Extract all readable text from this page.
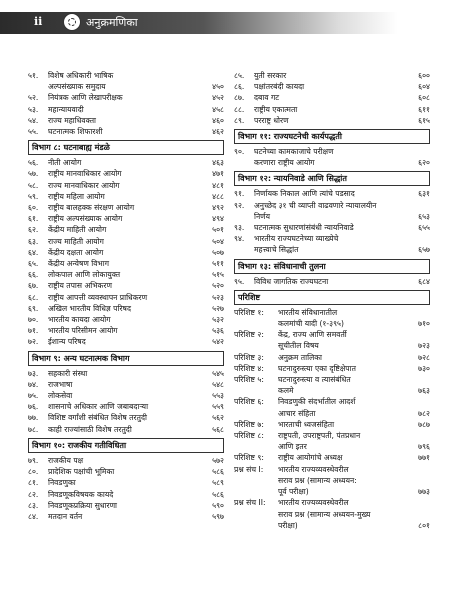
ii	अनुक्रमणिका
५१.	विशेष अधिकारी भाषिक
अल्पसंख्याक समुदाय	४५०
५२.	नियंत्रक आणि लेखापरीक्षक	४५२
५३.	महान्यायवादी	४५८
५४.	राज्य महाधिवक्ता	४६०
५५.	घटनात्मक शिफारशी	४६२
विभाग ८: घटनाबाह्य मंडळे
५६.	नीती आयोग	४६३
५७.	राष्ट्रीय मानवाधिकार आयोग	४७१
५८.	राज्य मानवाधिकार आयोग	४८१
५९.	राष्ट्रीय महिला आयोग	४८८
६०.	राष्ट्रीय बालहक्क संरक्षण आयोग	४९२
६१.	राष्ट्रीय अल्पसंख्याक आयोग	४९४
६२.	केंद्रीय माहिती आयोग	५०१
६३.	राज्य माहिती आयोग	५०४
६४.	केंद्रीय दक्षता आयोग	५०७
६५.	केंद्रीय अन्वेषण विभाग	५११
६६.	लोकपाल आणि लोकायुक्त	५१५
६७.	राष्ट्रीय तपास अभिकरण	५२०
६८.	राष्ट्रीय आपत्ती व्यवस्थापन प्राधिकरण	५२३
६९.	अखिल भारतीय विधिज्ञ परिषद	५२७
७०.	भारतीय कायदा आयोग	५३२
७१.	भारतीय परिसीमन आयोग	५३६
७२.	ईशान्य परिषद	५४२
विभाग ९: अन्य घटनात्मक विभाग
७३.	सहकारी संस्था	५४५
७४.	राजभाषा	५४८
७५.	लोकसेवा	५५३
७६.	शासनाचे अधिकार आणि जबाबदाऱ्या	५५९
७७.	विशिष्ट वर्गांशी संबंधित विशेष तरतुदी	५६२
७८.	काही राज्यांसाठी विशेष तरतुदी	५६८
विभाग १०: राजकीय गतीविधिता
७९.	राजकीय पक्ष	५७२
८०.	प्रादेशिक पक्षांची भूमिका	५८६
८१.	निवडणुका	५८९
८२.	निवडणूकविषयक कायदे	५८६
८३.	निवडणूकप्रक्रिया सुधारणा	५९०
८४.	मतदान वर्तन	५९७
८५.	युती सरकार	६००
८६.	पक्षांतरबंदी कायदा	६०४
८७.	दबाव गट	६०८
८८.	राष्ट्रीय एकात्मता	६११
८९.	परराष्ट्र धोरण	६१५
विभाग ११: राज्यघटनेची कार्यपद्धती
९०.	घटनेच्या कामकाजाचे परीक्षण
करणारा राष्ट्रीय आयोग	६२०
विभाग १२: न्यायनिवाडे आणि सिद्धांत
९१.	निर्णायक निकाल आणि त्यांचे पडसाद	६३१
९२.	अनुच्छेद ३१ ची व्याप्ती वाढवणारे न्यायालयीन
निर्णय	६५३
९३.	घटनात्मक सुधारणांसंबंधी न्यायनिवाडे	६५५
९४.	भारतीय राज्यघटनेच्या व्याख्येचे
महत्त्वाचे सिद्धांत	६५७
विभाग १३: संविधानाची तुलना
९५.	विविध जागतिक राज्यघटना	६८४
परिशिष्ट
परिशिष्ट १:	भारतीय संविधानातील
कलमांची यादी (१-३९५)	७१०
परिशिष्ट २:	केंद्र, राज्य आणि समवर्ती
सूचीतील विषय	७२३
परिशिष्ट ३:	अनुक्रम तालिका	७२८
परिशिष्ट ४:	घटनादुरुस्त्या एका दृष्टिक्षेपात	७३०
परिशिष्ट ५:	घटनादुरुस्त्या व त्यासंबंधित
कलमे	७६३
परिशिष्ट ६:	निवडणुकी संदर्भातील आदर्श
आचार संहिता	७८२
परिशिष्ट ७:	भारताची ध्वजसंहिता	७८७
परिशिष्ट ८:	राष्ट्रपती, उपराष्ट्रपती, पंतप्रधान
आणि इतर	७९६
परिशिष्ट ९:	राष्ट्रीय आयोगांचे अध्यक्ष	७७१
प्रश्न संच I:	भारतीय राज्यव्यवस्थेवरील
सराव प्रश्न (सामान्य अध्ययन:
पूर्व परीक्षा)	७७३
प्रश्न संच II:	भारतीय राज्यव्यवस्थेवरील
सराव प्रश्न (सामान्य अध्ययन-मुख्य
परीक्षा)	८०१
